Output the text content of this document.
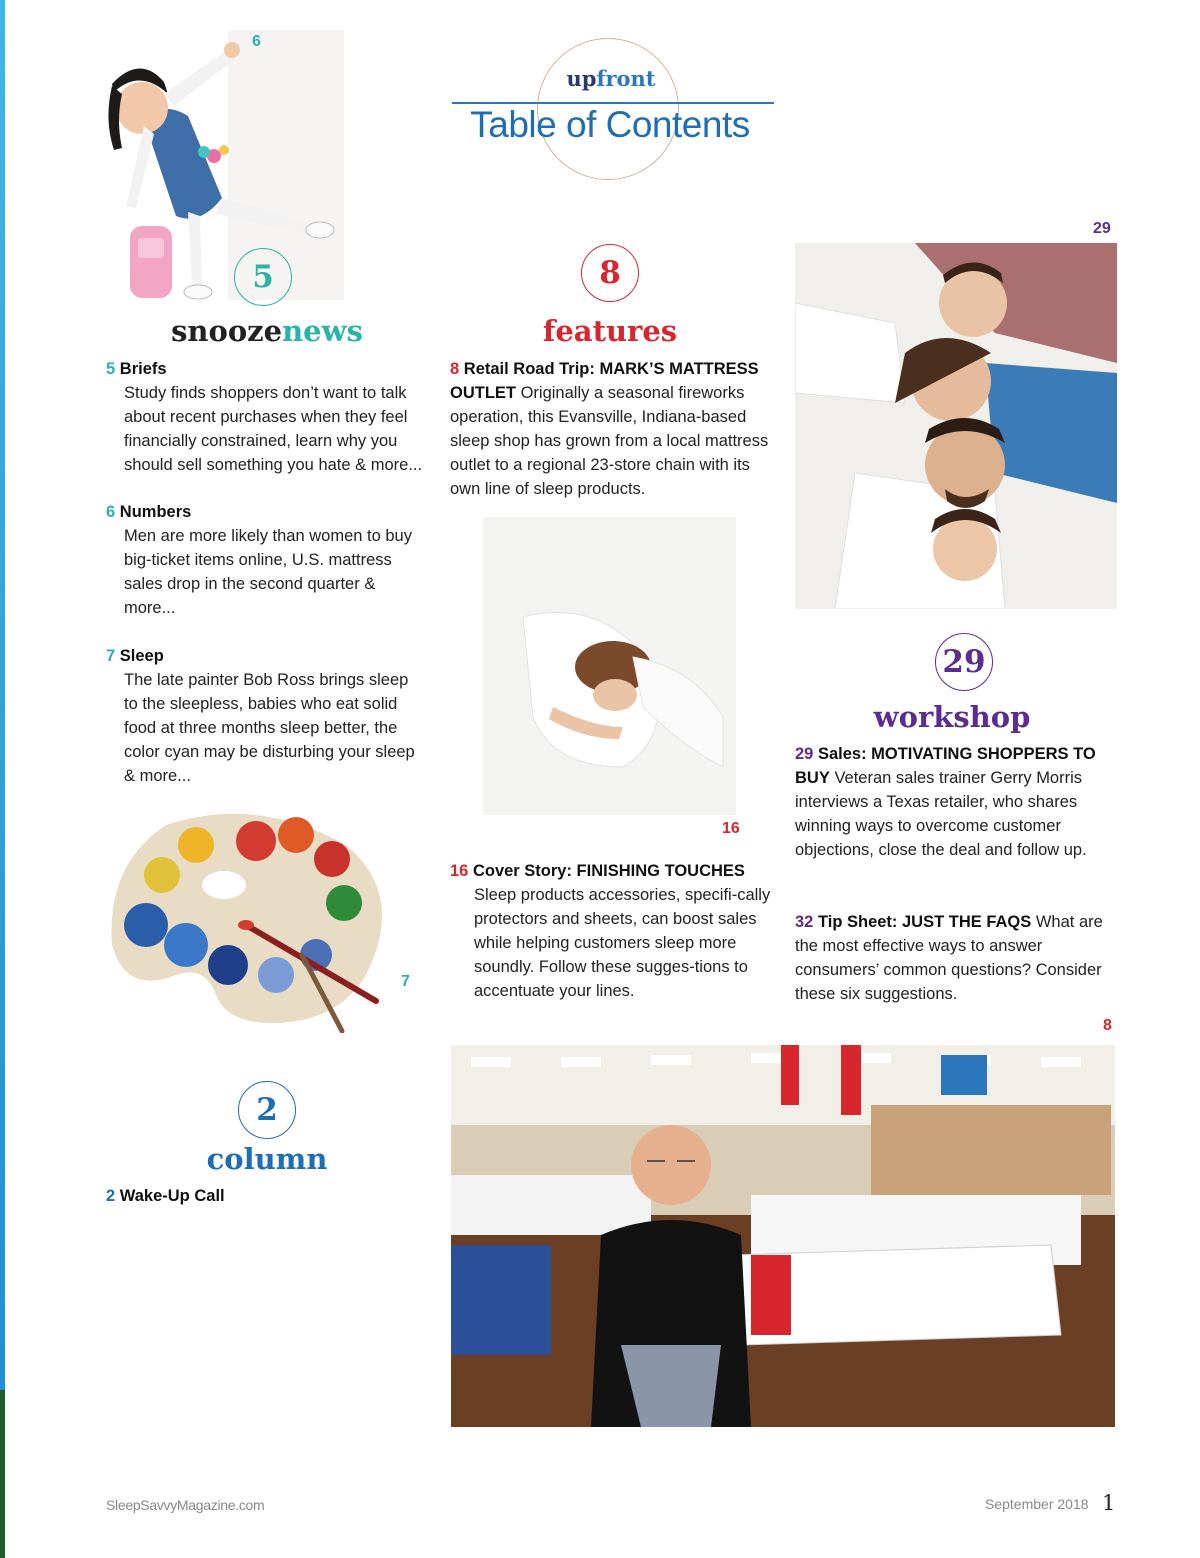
upfront
Table of Contents
6
5
snoozenews
5 Briefs
Study finds shoppers don’t want to talk about recent purchases when they feel financially constrained, learn why you should sell something you hate & more...
6 Numbers
Men are more likely than women to buy big-ticket items online, U.S. mattress sales drop in the second quarter & more...
7 Sleep
The late painter Bob Ross brings sleep to the sleepless, babies who eat solid food at three months sleep better, the color cyan may be disturbing your sleep & more...
7
2
column
2 Wake-Up Call
8
features
8 Retail Road Trip: MARK’S MATTRESS OUTLET Originally a seasonal fireworks operation, this Evansville, Indiana-based sleep shop has grown from a local mattress outlet to a regional 23-store chain with its own line of sleep products.
16
16 Cover Story: FINISHING TOUCHES
Sleep products accessories, specifi-cally protectors and sheets, can boost sales while helping customers sleep more soundly. Follow these sugges-tions to accentuate your lines.
29
29
workshop
29 Sales: MOTIVATING SHOPPERS TO BUY Veteran sales trainer Gerry Morris interviews a Texas retailer, who shares winning ways to overcome customer objections, close the deal and follow up.
32 Tip Sheet: JUST THE FAQS What are the most effective ways to answer consumers’ common questions? Consider these six suggestions.
8
SleepSavvyMagazine.com	September 2018 1
